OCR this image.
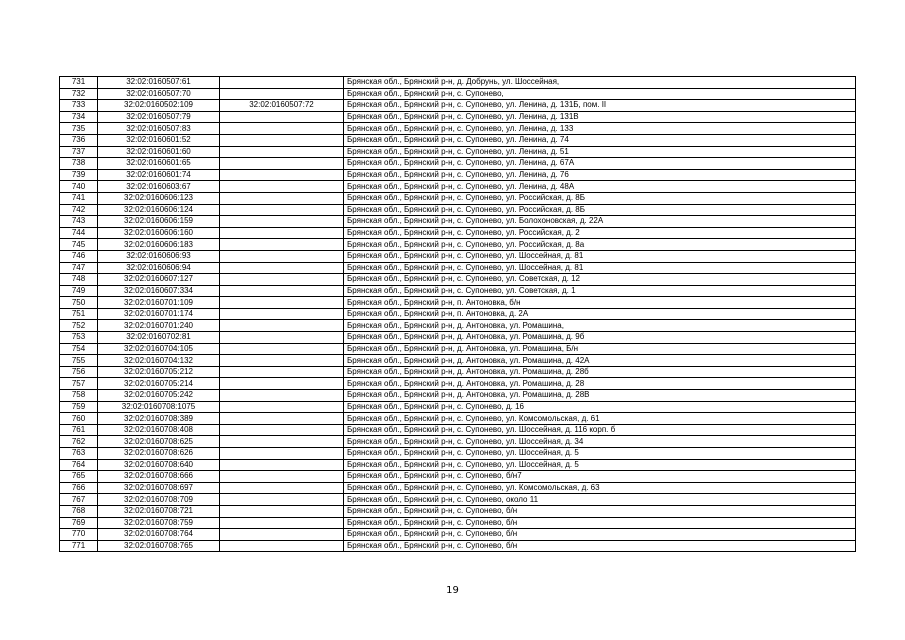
731	32:02:0160507:61		Брянская обл., Брянский р-н, д. Добрунь, ул. Шоссейная,
732	32:02:0160507:70		Брянская обл., Брянский р-н, с. Супонево,
733	32:02:0160502:109	32:02:0160507:72	Брянская обл., Брянский р-н, с. Супонево, ул. Ленина, д. 131Б, пом. II
734	32:02:0160507:79		Брянская обл., Брянский р-н, с. Супонево, ул. Ленина, д. 131В
735	32:02:0160507:83		Брянская обл., Брянский р-н, с. Супонево, ул. Ленина, д. 133
736	32:02:0160601:52		Брянская обл., Брянский р-н, с. Супонево, ул. Ленина, д. 74
737	32:02:0160601:60		Брянская обл., Брянский р-н, с. Супонево, ул. Ленина, д. 51
738	32:02:0160601:65		Брянская обл., Брянский р-н, с. Супонево, ул. Ленина, д. 67А
739	32:02:0160601:74		Брянская обл., Брянский р-н, с. Супонево, ул. Ленина, д. 76
740	32:02:0160603:67		Брянская обл., Брянский р-н, с. Супонево, ул. Ленина, д. 48А
741	32:02:0160606:123		Брянская обл., Брянский р-н, с. Супонево, ул. Российская, д. 8Б
742	32:02:0160606:124		Брянская обл., Брянский р-н, с. Супонево, ул. Российская, д. 8Б
743	32:02:0160606:159		Брянская обл., Брянский р-н, с. Супонево, ул. Болохоновская, д. 22А
744	32:02:0160606:160		Брянская обл., Брянский р-н, с. Супонево, ул. Российская, д. 2
745	32:02:0160606:183		Брянская обл., Брянский р-н, с. Супонево, ул. Российская, д. 8а
746	32:02:0160606:93		Брянская обл., Брянский р-н, с. Супонево, ул. Шоссейная, д. 81
747	32:02:0160606:94		Брянская обл., Брянский р-н, с. Супонево, ул. Шоссейная, д. 81
748	32:02:0160607:127		Брянская обл., Брянский р-н, с. Супонево, ул. Советская, д. 12
749	32:02:0160607:334		Брянская обл., Брянский р-н, с. Супонево, ул. Советская, д. 1
750	32:02:0160701:109		Брянская обл., Брянский р-н, п. Антоновка, б/н
751	32:02:0160701:174		Брянская обл., Брянский р-н, п. Антоновка, д. 2А
752	32:02:0160701:240		Брянская обл., Брянский р-н, д. Антоновка, ул. Ромашина,
753	32:02:0160702:81		Брянская обл., Брянский р-н, д. Антоновка, ул. Ромашина, д. 9б
754	32:02:0160704:105		Брянская обл., Брянский р-н, д. Антоновка, ул. Ромашина, Б/н
755	32:02:0160704:132		Брянская обл., Брянский р-н, д. Антоновка, ул. Ромашина, д. 42А
756	32:02:0160705:212		Брянская обл., Брянский р-н, д. Антоновка, ул. Ромашина, д. 28б
757	32:02:0160705:214		Брянская обл., Брянский р-н, д. Антоновка, ул. Ромашина, д. 28
758	32:02:0160705:242		Брянская обл., Брянский р-н, д. Антоновка, ул. Ромашина, д. 28В
759	32:02:0160708:1075		Брянская обл., Брянский р-н, с. Супонево, д. 16
760	32:02:0160708:389		Брянская обл., Брянский р-н, с. Супонево, ул. Комсомольская, д. 61
761	32:02:0160708:408		Брянская обл., Брянский р-н, с. Супонево, ул. Шоссейная, д. 116 корп. б
762	32:02:0160708:625		Брянская обл., Брянский р-н, с. Супонево, ул. Шоссейная, д. 34
763	32:02:0160708:626		Брянская обл., Брянский р-н, с. Супонево, ул. Шоссейная, д. 5
764	32:02:0160708:640		Брянская обл., Брянский р-н, с. Супонево, ул. Шоссейная, д. 5
765	32:02:0160708:666		Брянская обл., Брянский р-н, с. Супонево, б/н7
766	32:02:0160708:697		Брянская обл., Брянский р-н, с. Супонево, ул. Комсомольская, д. 63
767	32:02:0160708:709		Брянская обл., Брянский р-н, с. Супонево, около 11
768	32:02:0160708:721		Брянская обл., Брянский р-н, с. Супонево, б/н
769	32:02:0160708:759		Брянская обл., Брянский р-н, с. Супонево, б/н
770	32:02:0160708:764		Брянская обл., Брянский р-н, с. Супонево, б/н
771	32:02:0160708:765		Брянская обл., Брянский р-н, с. Супонево, б/н
19
